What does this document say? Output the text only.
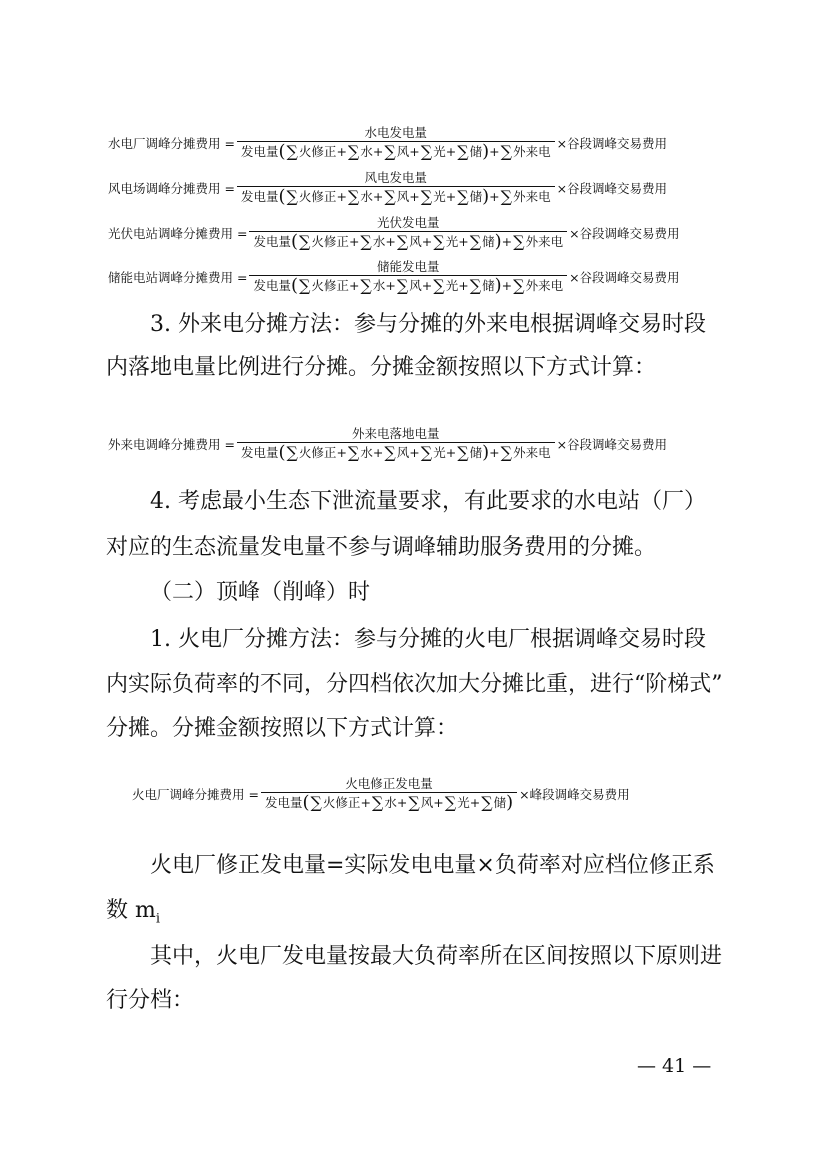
水电厂调峰分摊费用 = $\frac{\text{水电发电量}}{\text{发电量 ( ∑ 火修正 + ∑ 水 + ∑ 风 + ∑ 光 + ∑ 储 ) + ∑ 外来电}}$ ×谷段调峰交易费用
风电场调峰分摊费用 = $\frac{\text{风电发电量}}{\text{发电量 ( ∑ 火修正 + ∑ 水 + ∑ 风 + ∑ 光 + ∑ 储 ) + ∑ 外来电}}$ ×谷段调峰交易费用
光伏电站调峰分摊费用 = $\frac{\text{光伏发电量}}{\text{发电量 ( ∑ 火修正 + ∑ 水 + ∑ 风 + ∑ 光 + ∑ 储 ) + ∑ 外来电}}$ ×谷段调峰交易费用
储能电站调峰分摊费用 = $\frac{\text{储能发电量}}{\text{发电量 ( ∑ 火修正 + ∑ 水 + ∑ 风 + ∑ 光 + ∑ 储 ) + ∑ 外来电}}$ ×谷段调峰交易费用
3. 外来电分摊方法：参与分摊的外来电根据调峰交易时段
内落地电量比例进行分摊。分摊金额按照以下方式计算：
外来电调峰分摊费用 = $\frac{\text{外来电落地电量}}{\text{发电量 ( ∑ 火修正 + ∑ 水 + ∑ 风 + ∑ 光 + ∑ 储 ) + ∑ 外来电}}$ ×谷段调峰交易费用
4. 考虑最小生态下泄流量要求，有此要求的水电站（厂）
对应的生态流量发电量不参与调峰辅助服务费用的分摊。
（二）顶峰（削峰）时
1. 火电厂分摊方法：参与分摊的火电厂根据调峰交易时段
内实际负荷率的不同，分四档依次加大分摊比重，进行“阶梯式”
分摊。分摊金额按照以下方式计算：
火电厂调峰分摊费用 = $\frac{\text{火电修正发电量}}{\text{发电量 ( ∑ 火修正 + ∑ 水 + ∑ 风 + ∑ 光 + ∑ 储 )}}$ ×峰段调峰交易费用
火电厂修正发电量=实际发电电量×负荷率对应档位修正系
数 $m_i$
其中，火电厂发电量按最大负荷率所在区间按照以下原则进
行分档：
— 41 —
